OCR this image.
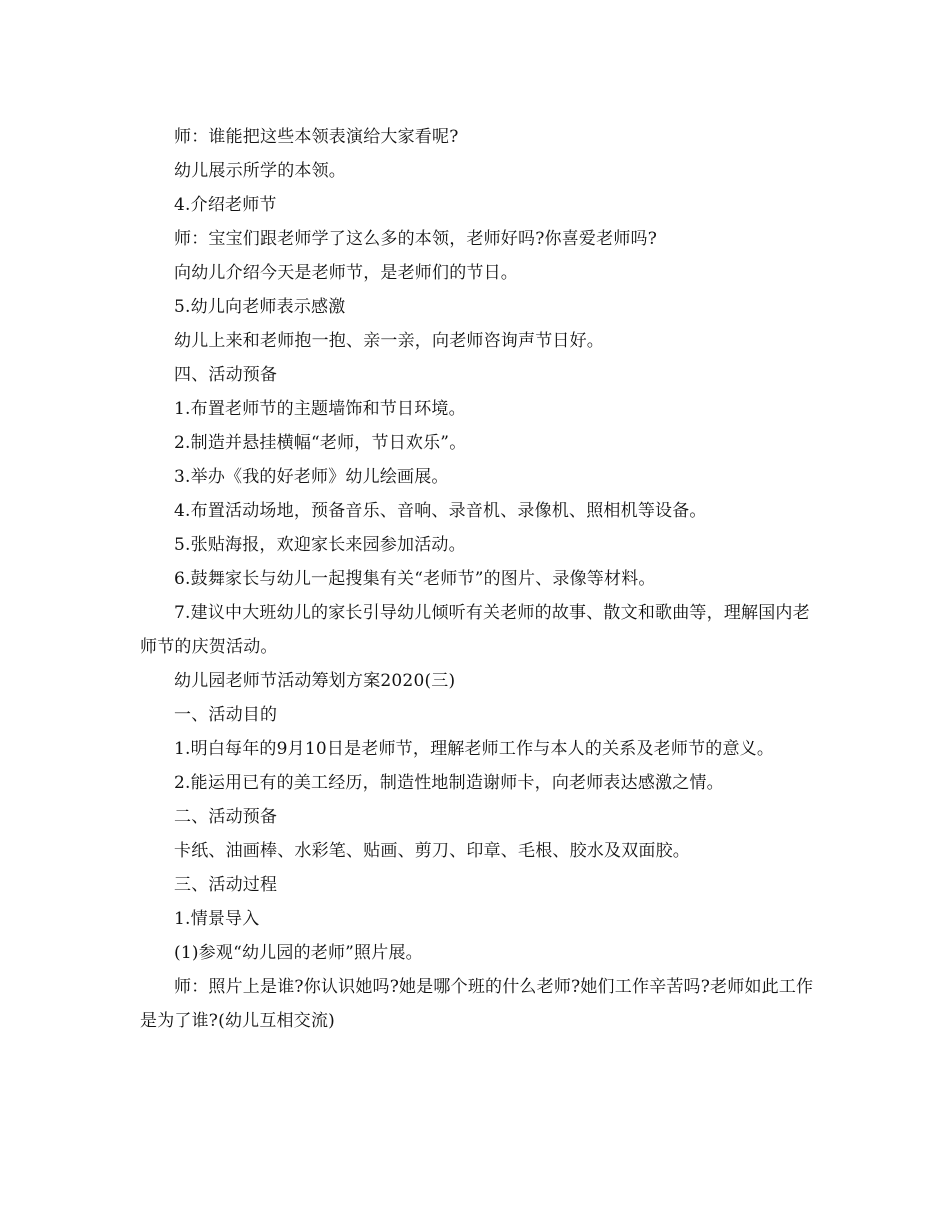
师：谁能把这些本领表演给大家看呢?

幼儿展示所学的本领。

4.介绍老师节

师：宝宝们跟老师学了这么多的本领，老师好吗?你喜爱老师吗?

向幼儿介绍今天是老师节，是老师们的节日。

5.幼儿向老师表示感激

幼儿上来和老师抱一抱、亲一亲，向老师咨询声节日好。

四、活动预备

1.布置老师节的主题墙饰和节日环境。

2.制造并悬挂横幅“老师，节日欢乐”。

3.举办《我的好老师》幼儿绘画展。

4.布置活动场地，预备音乐、音响、录音机、录像机、照相机等设备。

5.张贴海报，欢迎家长来园参加活动。

6.鼓舞家长与幼儿一起搜集有关“老师节”的图片、录像等材料。

7.建议中大班幼儿的家长引导幼儿倾听有关老师的故事、散文和歌曲等，理解国内老师节的庆贺活动。

幼儿园老师节活动筹划方案2020(三)

一、活动目的

1.明白每年的9月10日是老师节，理解老师工作与本人的关系及老师节的意义。

2.能运用已有的美工经历，制造性地制造谢师卡，向老师表达感激之情。

二、活动预备

卡纸、油画棒、水彩笔、贴画、剪刀、印章、毛根、胶水及双面胶。

三、活动过程

1.情景导入

(1)参观“幼儿园的老师”照片展。

师：照片上是谁?你认识她吗?她是哪个班的什么老师?她们工作辛苦吗?老师如此工作是为了谁?(幼儿互相交流)
